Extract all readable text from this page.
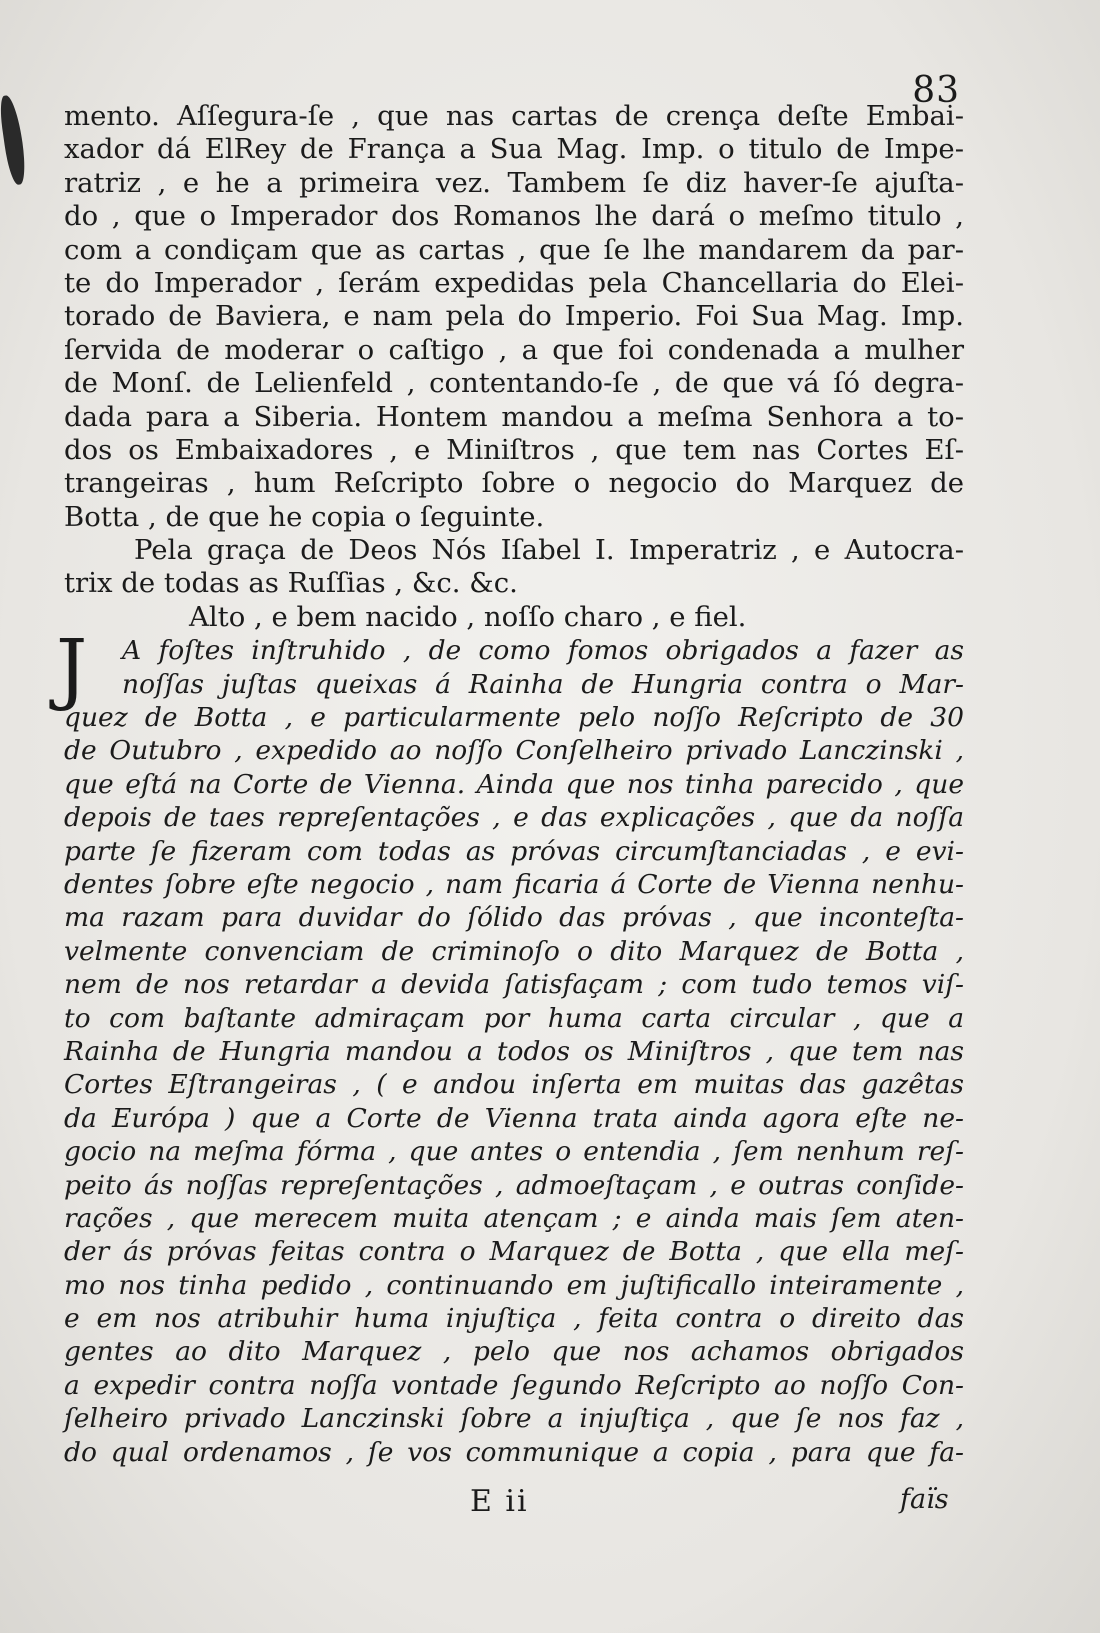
83
mento. Aſſegura-ſe , que nas cartas de crença deſte Embai-
xador dá ElRey de França a Sua Mag. Imp. o titulo de Impe-
ratriz , e he a primeira vez. Tambem ſe diz haver-ſe ajuſta-
do , que o Imperador dos Romanos lhe dará o meſmo titulo ,
com a condiçam que as cartas , que ſe lhe mandarem da par-
te do Imperador , ſerám expedidas pela Chancellaria do Elei-
torado de Baviera, e nam pela do Imperio. Foi Sua Mag. Imp.
ſervida de moderar o caſtigo , a que foi condenada a mulher
de Monſ. de Lelienfeld , contentando-ſe , de que vá ſó degra-
dada para a Siberia. Hontem mandou a meſma Senhora a to-
dos os Embaixadores , e Miniſtros , que tem nas Cortes Eſ-
trangeiras , hum Reſcripto ſobre o negocio do Marquez de
Botta , de que he copia o ſeguinte.
Pela graça de Deos Nós Iſabel I. Imperatriz , e Autocra-
trix de todas as Ruſſias , &c. &c.
Alto , e bem nacido , noſſo charo , e fiel.
J A foſtes inſtruhido , de como fomos obrigados a fazer as
noſſas juſtas queixas á Rainha de Hungria contra o Mar-
quez de Botta , e particularmente pelo noſſo Reſcripto de 30
de Outubro , expedido ao noſſo Conſelheiro privado Lanczinski ,
que eſtá na Corte de Vienna. Ainda que nos tinha parecido , que
depois de taes repreſentações , e das explicações , que da noſſa
parte ſe fizeram com todas as próvas circumſtanciadas , e evi-
dentes ſobre eſte negocio , nam ficaria á Corte de Vienna nenhu-
ma razam para duvidar do ſólido das próvas , que inconteſta-
velmente convenciam de criminoſo o dito Marquez de Botta ,
nem de nos retardar a devida ſatisfaçam ; com tudo temos viſ-
to com baſtante admiraçam por huma carta circular , que a
Rainha de Hungria mandou a todos os Miniſtros , que tem nas
Cortes Eſtrangeiras , ( e andou inſerta em muitas das gazêtas
da Európa ) que a Corte de Vienna trata ainda agora eſte ne-
gocio na meſma fórma , que antes o entendia , ſem nenhum reſ-
peito ás noſſas repreſentações , admoeſtaçam , e outras conſide-
rações , que merecem muita atençam ; e ainda mais ſem aten-
der ás próvas feitas contra o Marquez de Botta , que ella meſ-
mo nos tinha pedido , continuando em juſtificallo inteiramente ,
e em nos atribuhir huma injuſtiça , feita contra o direito das
gentes ao dito Marquez , pelo que nos achamos obrigados
a expedir contra noſſa vontade ſegundo Reſcripto ao noſſo Con-
ſelheiro privado Lanczinski ſobre a injuſtiça , que ſe nos faz ,
do qual ordenamos , ſe vos communique a copia , para que fa-
E ii	faїs
